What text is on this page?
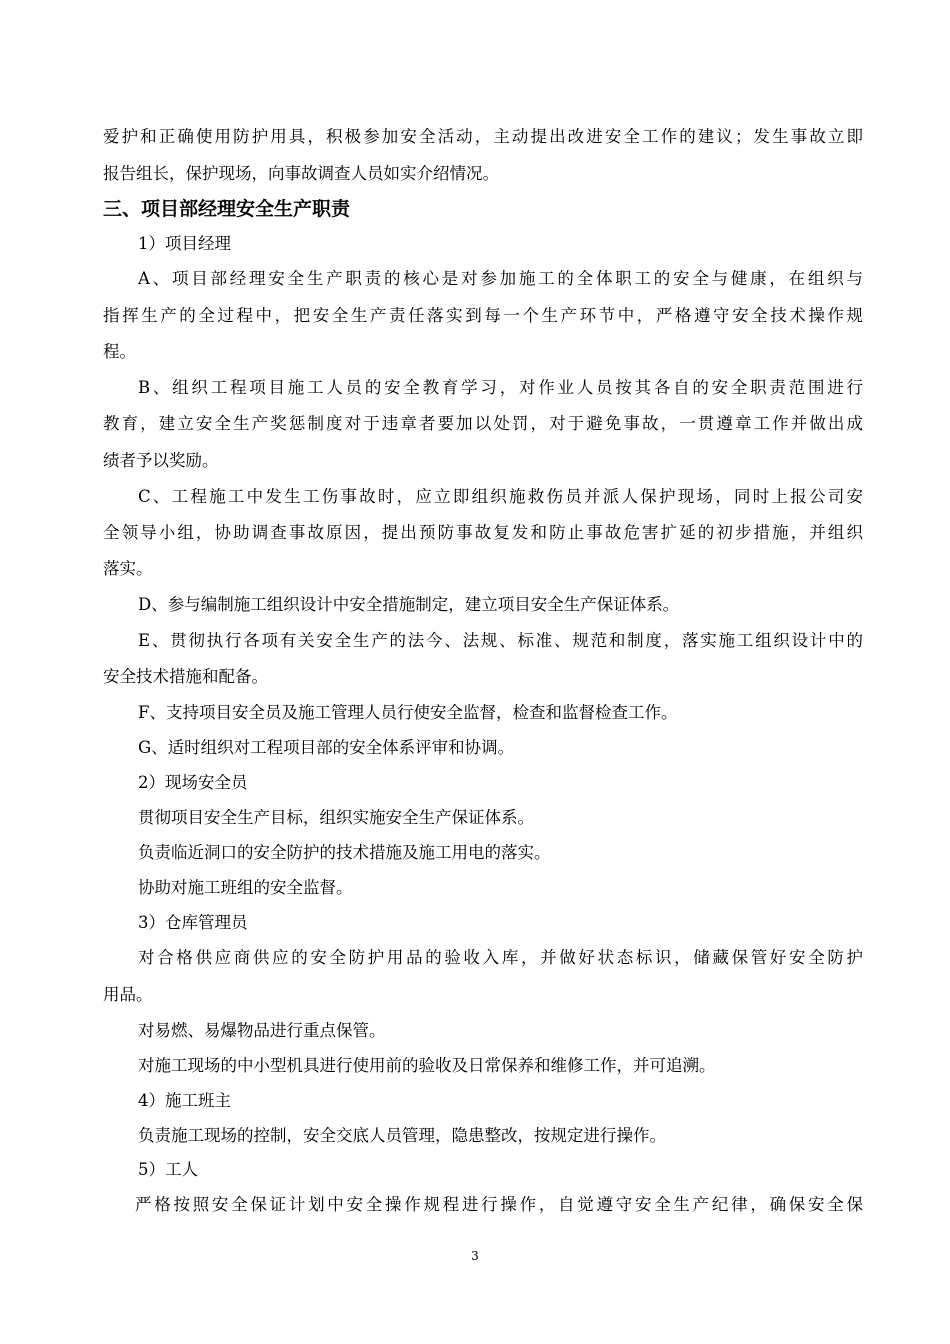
爱护和正确使用防护用具，积极参加安全活动，主动提出改进安全工作的建议；发生事故立即
报告组长，保护现场，向事故调查人员如实介绍情况。
三、项目部经理安全生产职责
1）项目经理
A、项目部经理安全生产职责的核心是对参加施工的全体职工的安全与健康，在组织与
指挥生产的全过程中，把安全生产责任落实到每一个生产环节中，严格遵守安全技术操作规
程。
B、组织工程项目施工人员的安全教育学习，对作业人员按其各自的安全职责范围进行
教育，建立安全生产奖惩制度对于违章者要加以处罚，对于避免事故，一贯遵章工作并做出成
绩者予以奖励。
C、工程施工中发生工伤事故时，应立即组织施救伤员并派人保护现场，同时上报公司安
全领导小组，协助调查事故原因，提出预防事故复发和防止事故危害扩延的初步措施，并组织
落实。
D、参与编制施工组织设计中安全措施制定，建立项目安全生产保证体系。
E、贯彻执行各项有关安全生产的法今、法规、标准、规范和制度，落实施工组织设计中的
安全技术措施和配备。
F、支持项目安全员及施工管理人员行使安全监督，检查和监督检查工作。
G、适时组织对工程项目部的安全体系评审和协调。
2）现场安全员
贯彻项目安全生产目标，组织实施安全生产保证体系。
负责临近洞口的安全防护的技术措施及施工用电的落实。
协助对施工班组的安全监督。
3）仓库管理员
对合格供应商供应的安全防护用品的验收入库，并做好状态标识，储藏保管好安全防护
用品。
对易燃、易爆物品进行重点保管。
对施工现场的中小型机具进行使用前的验收及日常保养和维修工作，并可追溯。
4）施工班主
负责施工现场的控制，安全交底人员管理，隐患整改，按规定进行操作。
5）工人
严格按照安全保证计划中安全操作规程进行操作，自觉遵守安全生产纪律，确保安全保
3
